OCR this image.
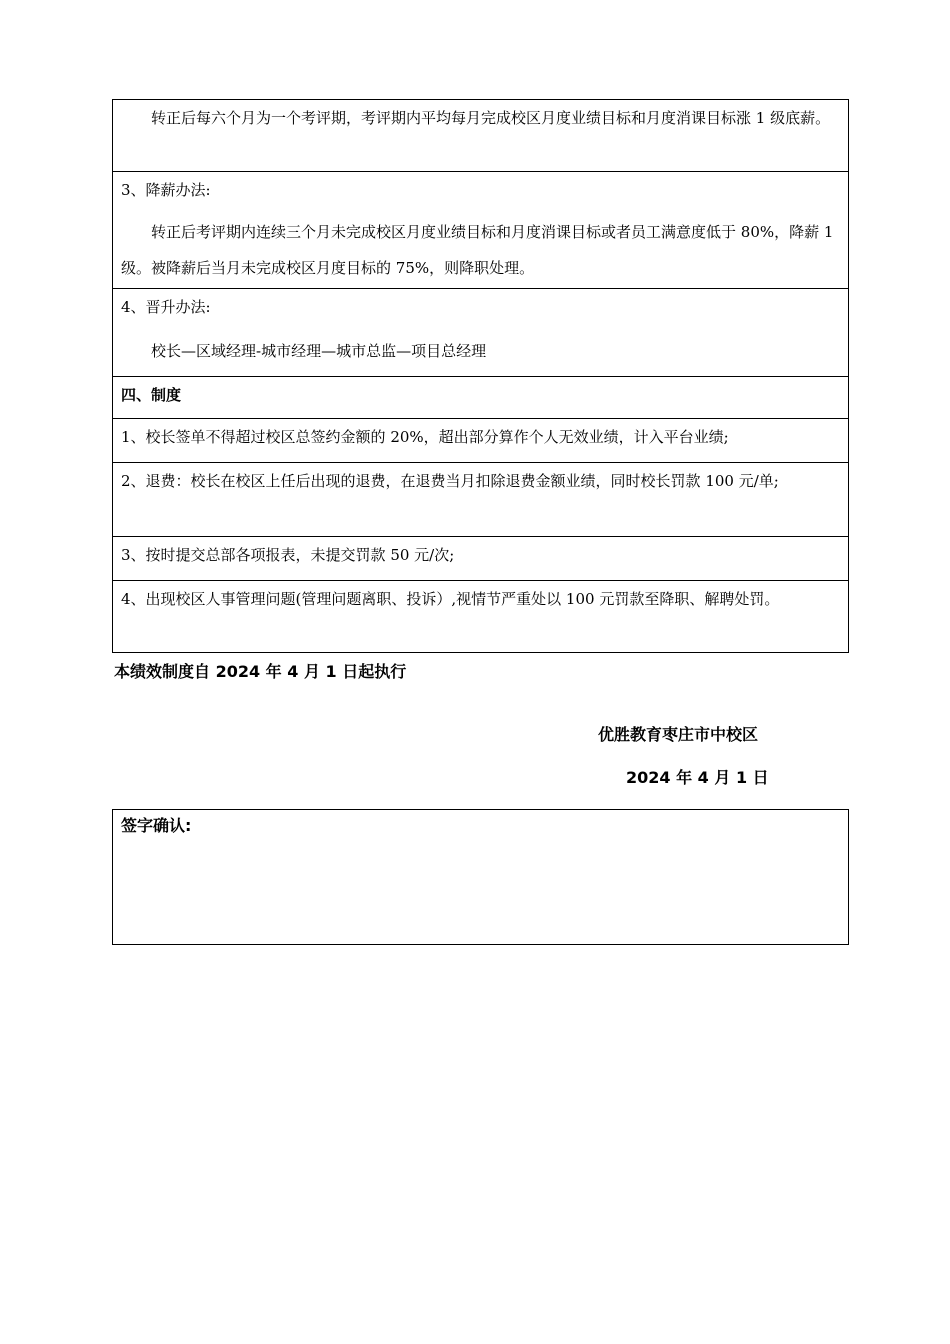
转正后每六个月为一个考评期，考评期内平均每月完成校区月度业绩目标和月度消课目标涨 1 级底薪。

3、降薪办法:
转正后考评期内连续三个月未完成校区月度业绩目标和月度消课目标或者员工满意度低于 80%，降薪 1 级。被降薪后当月未完成校区月度目标的 75%，则降职处理。

4、晋升办法:
校长—区域经理-城市经理—城市总监—项目总经理

四、制度
1、校长签单不得超过校区总签约金额的 20%，超出部分算作个人无效业绩，计入平台业绩;
2、退费：校长在校区上任后出现的退费，在退费当月扣除退费金额业绩，同时校长罚款 100 元/单;
3、按时提交总部各项报表，未提交罚款 50 元/次;
4、出现校区人事管理问题(管理问题离职、投诉）,视情节严重处以 100 元罚款至降职、解聘处罚。
本绩效制度自 2024 年 4 月 1 日起执行
优胜教育枣庄市中校区
2024 年 4 月 1 日
签字确认:
